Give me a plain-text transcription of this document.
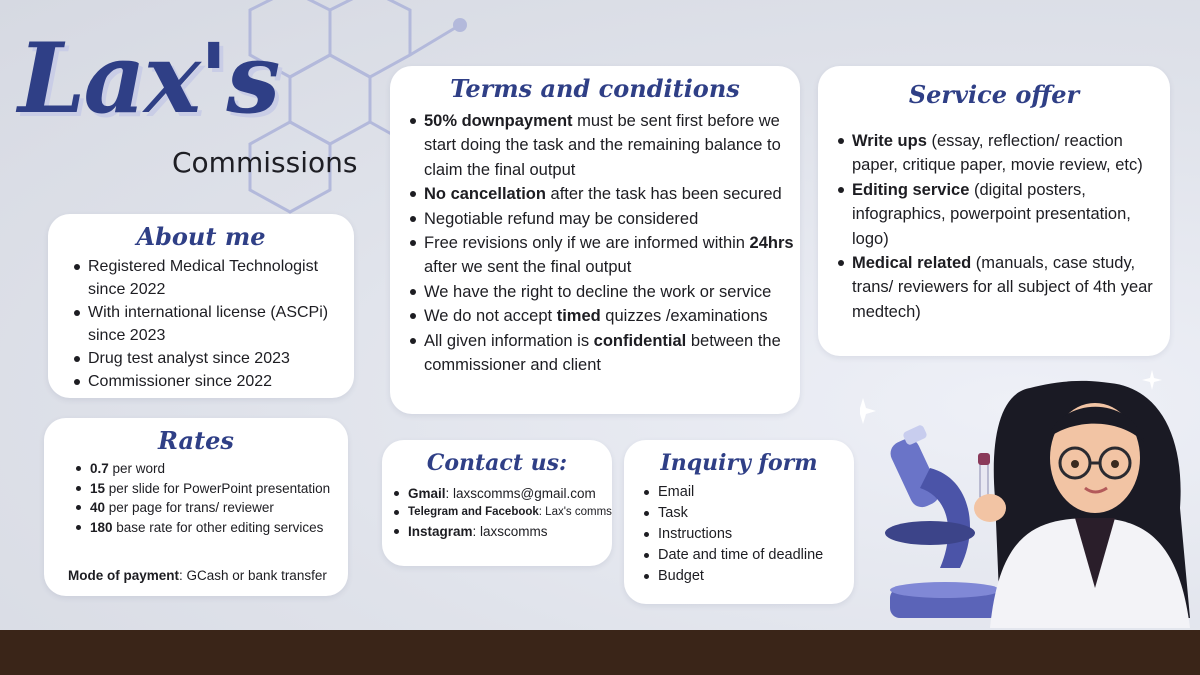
Lax's
Commissions
About me
Registered Medical Technologist since 2022
With international license (ASCPi) since 2023
Drug test analyst since 2023
Commissioner since 2022
Rates
0.7 per word
15 per slide for PowerPoint presentation
40 per page for trans/ reviewer
180 base rate for other editing services
Mode of payment: GCash or bank transfer
Terms and conditions
50% downpayment must be sent first before we start doing the task and the remaining balance to claim the final output
No cancellation after the task has been secured
Negotiable refund may be considered
Free revisions only if we are informed within 24hrs after we sent the final output
We have the right to decline the work or service
We do not accept timed quizzes /examinations
All given information is confidential between the commissioner and client
Service offer
Write ups (essay, reflection/ reaction paper, critique paper, movie review, etc)
Editing service (digital posters, infographics, powerpoint presentation, logo)
Medical related (manuals, case study, trans/ reviewers for all subject of 4th year medtech)
Contact us:
Gmail: laxscomms@gmail.com
Telegram and Facebook: Lax's comms
Instagram: laxscomms
Inquiry form
Email
Task
Instructions
Date and time of deadline
Budget
